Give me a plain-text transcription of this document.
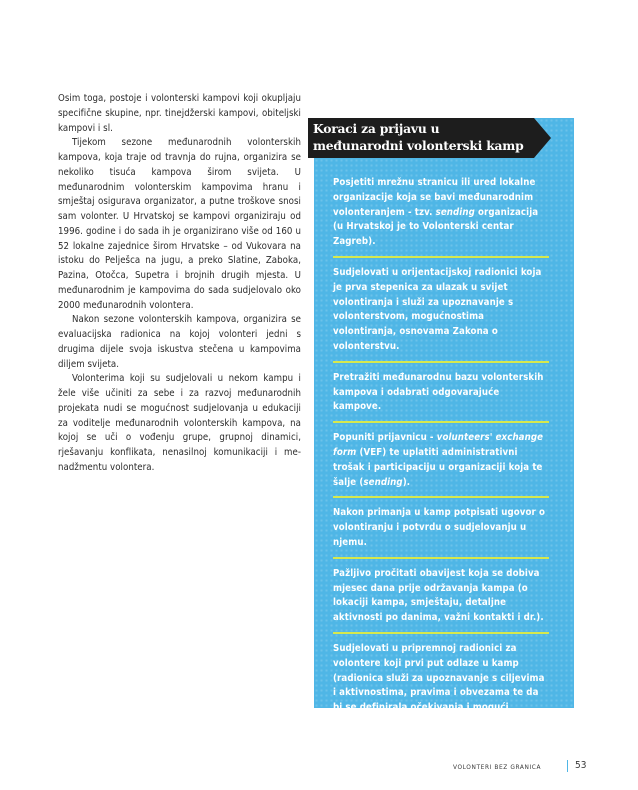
Osim toga, postoje i volonterski kampovi koji okupljaju specifične skupine, npr. tinejdžerski kampovi, obiteljski kampovi i sl.

Tijekom sezone međunarodnih volonterskih kampova, koja traje od travnja do rujna, organizira se nekoliko tisuća kampova širom svijeta. U međunarodnim volonterskim kampovima hranu i smještaj osigurava organizator, a putne troškove snosi sam volonter. U Hrvatskoj se kampovi organiziraju od 1996. godine i do sada ih je organizirano više od 160 u 52 lokalne zajednice širom Hrvatske – od Vukovara na istoku do Pelješca na jugu, a preko Slatine, Zaboka, Pazina, Otočca, Supetra i brojnih drugih mjesta. U međunarodnim je kampovima do sada sudjelovalo oko 2000 međunarodnih volontera.

Nakon sezone volonterskih kampova, organizira se evaluacijska radionica na kojoj volonteri jedni s drugima dijele svoja iskustva stečena u kampovima diljem svijeta.

Volonterima koji su sudjelovali u nekom kampu i žele više učiniti za sebe i za razvoj međunarodnih projekata nudi se mogućnost sudjelovanja u edukaciji za voditelje međunarodnih volonterskih kampova, na kojoj se uči o vođenju grupe, grupnoj dinamici, rješavanju konflikata, nenasilnoj komunikaciji i menadžmentu volontera.

Koraci za prijavu u međunarodni volonterski kamp
Posjetiti mrežnu stranicu ili ured lokalne organizacije koja se bavi međunarodnim volonteranjem - tzv. sending organizacija (u Hrvatskoj je to Volonterski centar Zagreb).
Sudjelovati u orijentacijskoj radionici koja je prva stepenica za ulazak u svijet volontiranja i služi za upoznavanje s volonterstvom, mogućnostima volontiranja, osnovama Zakona o volonterstvu.
Pretražiti međunarodnu bazu volonterskih kampova i odabrati odgovarajuće kampove.
Popuniti prijavnicu - volunteers' exchange form (VEF) te uplatiti administrativni trošak i participaciju u organizaciji koja te šalje (sending).
Nakon primanja u kamp potpisati ugovor o volontiranju i potvrdu o sudjelovanju u njemu.
Pažljivo pročitati obavijest koja se dobiva mjesec dana prije održavanja kampa (o lokaciji kampa, smještaju, detaljne aktivnosti po danima, važni kontakti i dr.).
Sudjelovati u pripremnoj radionici za volontere koji prvi put odlaze u kamp (radionica služi za upoznavanje s ciljevima i aktivnostima, pravima i obvezama te da bi se definirala očekivanja i mogući izazovi).
VOLONTERI BEZ GRANICA	53
